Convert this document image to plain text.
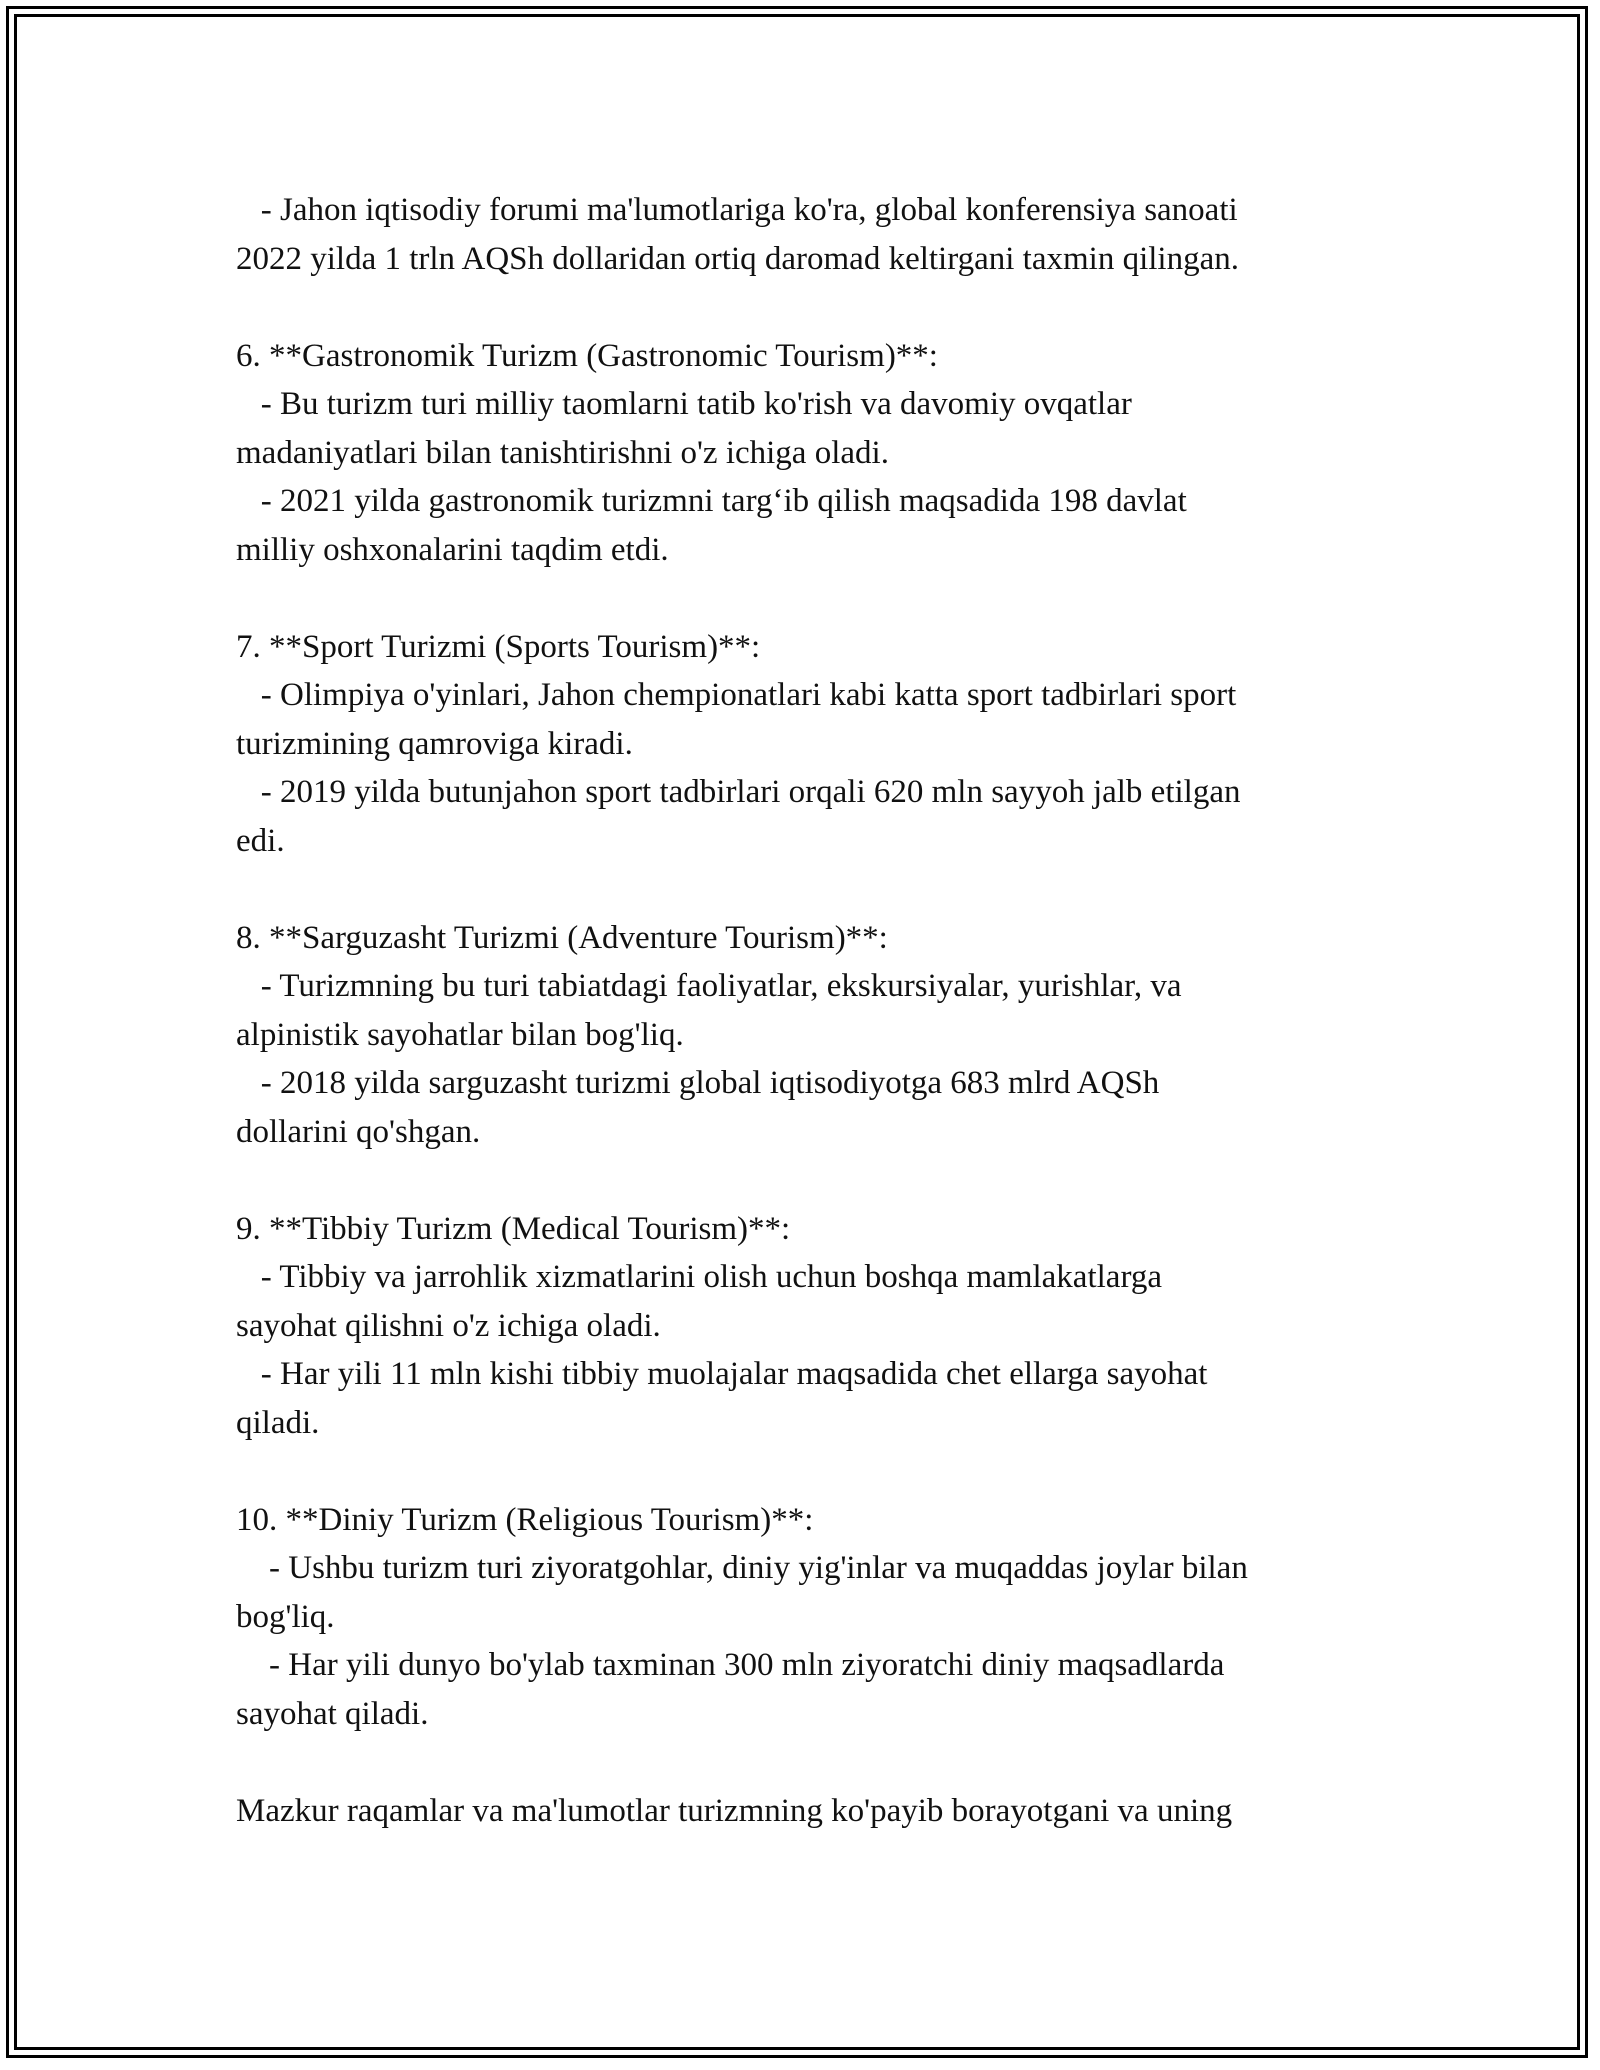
- Jahon iqtisodiy forumi ma'lumotlariga ko'ra, global konferensiya sanoati
2022 yilda 1 trln AQSh dollaridan ortiq daromad keltirgani taxmin qilingan.
6. **Gastronomik Turizm (Gastronomic Tourism)**:
- Bu turizm turi milliy taomlarni tatib ko'rish va davomiy ovqatlar
madaniyatlari bilan tanishtirishni o'z ichiga oladi.
- 2021 yilda gastronomik turizmni targ‘ib qilish maqsadida 198 davlat
milliy oshxonalarini taqdim etdi.
7. **Sport Turizmi (Sports Tourism)**:
- Olimpiya o'yinlari, Jahon chempionatlari kabi katta sport tadbirlari sport
turizmining qamroviga kiradi.
- 2019 yilda butunjahon sport tadbirlari orqali 620 mln sayyoh jalb etilgan
edi.
8. **Sarguzasht Turizmi (Adventure Tourism)**:
- Turizmning bu turi tabiatdagi faoliyatlar, ekskursiyalar, yurishlar, va
alpinistik sayohatlar bilan bog'liq.
- 2018 yilda sarguzasht turizmi global iqtisodiyotga 683 mlrd AQSh
dollarini qo'shgan.
9. **Tibbiy Turizm (Medical Tourism)**:
- Tibbiy va jarrohlik xizmatlarini olish uchun boshqa mamlakatlarga
sayohat qilishni o'z ichiga oladi.
- Har yili 11 mln kishi tibbiy muolajalar maqsadida chet ellarga sayohat
qiladi.
10. **Diniy Turizm (Religious Tourism)**:
- Ushbu turizm turi ziyoratgohlar, diniy yig'inlar va muqaddas joylar bilan
bog'liq.
- Har yili dunyo bo'ylab taxminan 300 mln ziyoratchi diniy maqsadlarda
sayohat qiladi.
Mazkur raqamlar va ma'lumotlar turizmning ko'payib borayotgani va uning
